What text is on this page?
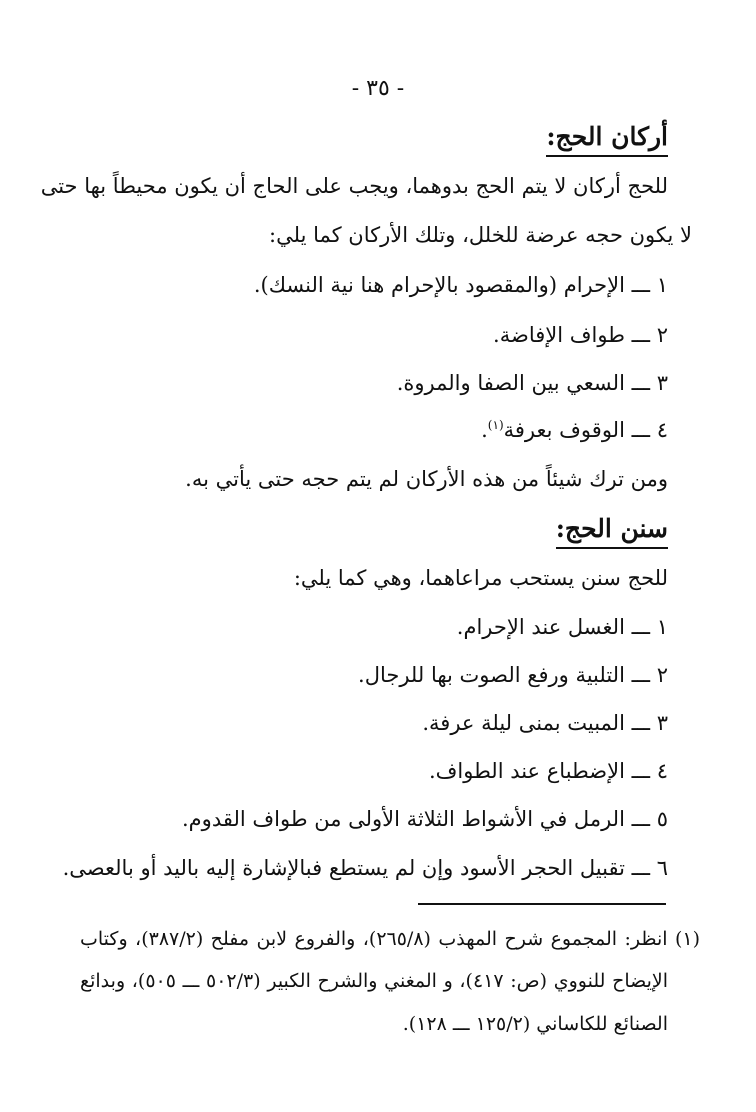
- ٣٥ -
أركان الحج:
للحج أركان لا يتم الحج بدوهما، ويجب على الحاج أن يكون محيطاً بها حتى
لا يكون حجه عرضة للخلل، وتلك الأركان كما يلي:
١ ـــ الإحرام (والمقصود بالإحرام هنا نية النسك).
٢ ـــ طواف الإفاضة.
٣ ـــ السعي بين الصفا والمروة.
٤ ـــ الوقوف بعرفة$^{(١)}$.
ومن ترك شيئاً من هذه الأركان لم يتم حجه حتى يأتي به.
سنن الحج:
للحج سنن يستحب مراعاهما، وهي كما يلي:
١ ـــ الغسل عند الإحرام.
٢ ـــ التلبية ورفع الصوت بها للرجال.
٣ ـــ المبيت بمنى ليلة عرفة.
٤ ـــ الإضطباع عند الطواف.
٥ ـــ الرمل في الأشواط الثلاثة الأولى من طواف القدوم.
٦ ـــ تقبيل الحجر الأسود وإن لم يستطع فبالإشارة إليه باليد أو بالعصى.
(١) انظر: المجموع شرح المهذب (٢٦٥/٨)، والفروع لابن مفلح (٣٨٧/٢)، وكتاب
الإيضاح للنووي (ص: ٤١٧)، و المغني والشرح الكبير (٥٠٢/٣ ـــ ٥٠٥)، وبدائع
الصنائع للكاساني (١٢٥/٢ ـــ ١٢٨).
